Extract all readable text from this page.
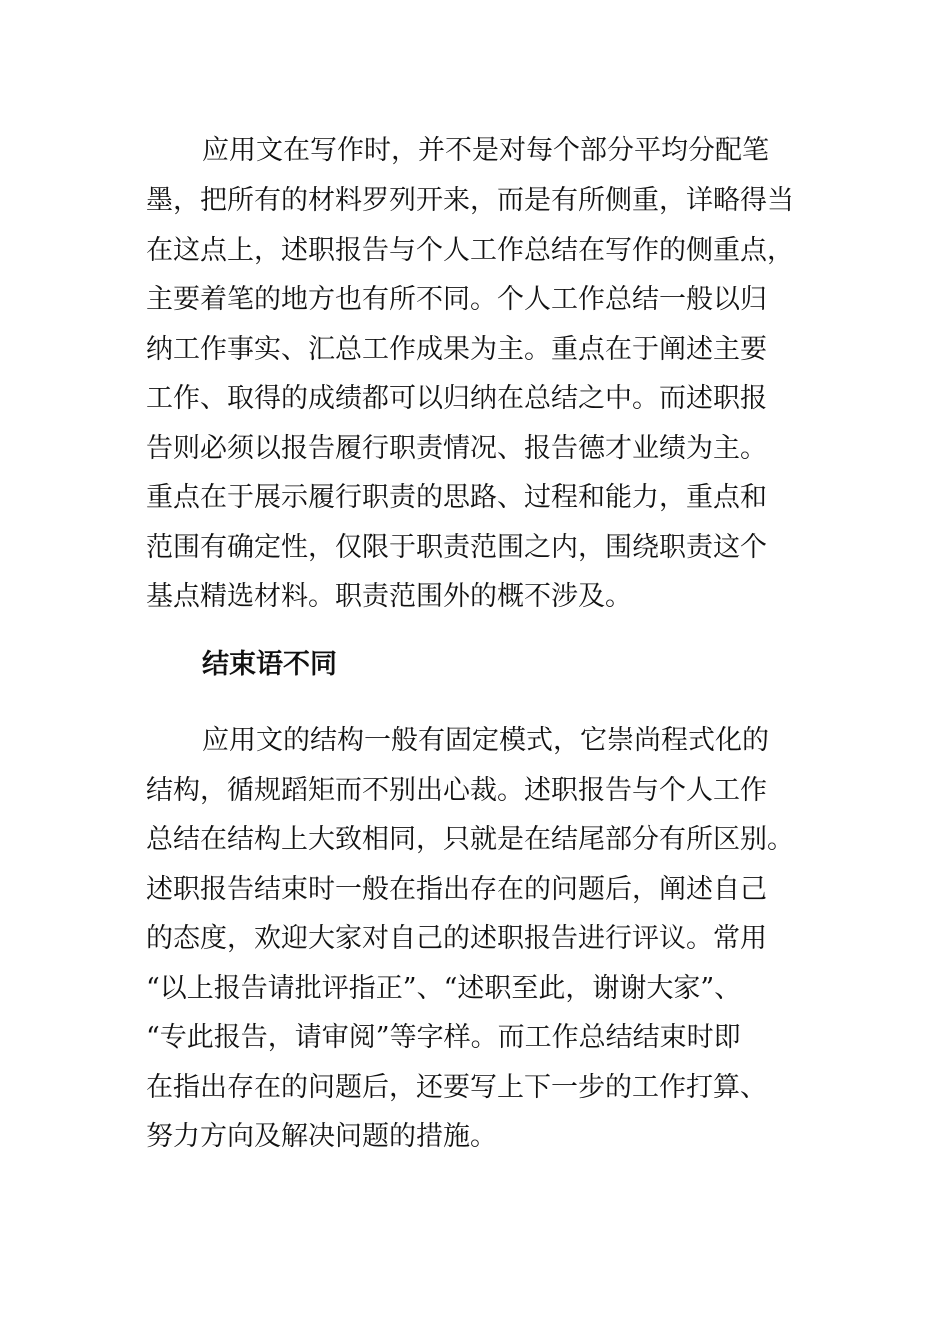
应用文在写作时，并不是对每个部分平均分配笔
墨，把所有的材料罗列开来，而是有所侧重，详略得当
在这点上，述职报告与个人工作总结在写作的侧重点，
主要着笔的地方也有所不同。个人工作总结一般以归
纳工作事实、汇总工作成果为主。重点在于阐述主要
工作、取得的成绩都可以归纳在总结之中。而述职报
告则必须以报告履行职责情况、报告德才业绩为主。
重点在于展示履行职责的思路、过程和能力，重点和
范围有确定性，仅限于职责范围之内，围绕职责这个
基点精选材料。职责范围外的概不涉及。
结束语不同
应用文的结构一般有固定模式，它崇尚程式化的
结构，循规蹈矩而不别出心裁。述职报告与个人工作
总结在结构上大致相同，只就是在结尾部分有所区别。
述职报告结束时一般在指出存在的问题后，阐述自己
的态度，欢迎大家对自己的述职报告进行评议。常用
“以上报告请批评指正”、“述职至此，谢谢大家”、
“专此报告，请审阅”等字样。而工作总结结束时即
在指出存在的问题后，还要写上下一步的工作打算、
努力方向及解决问题的措施。
